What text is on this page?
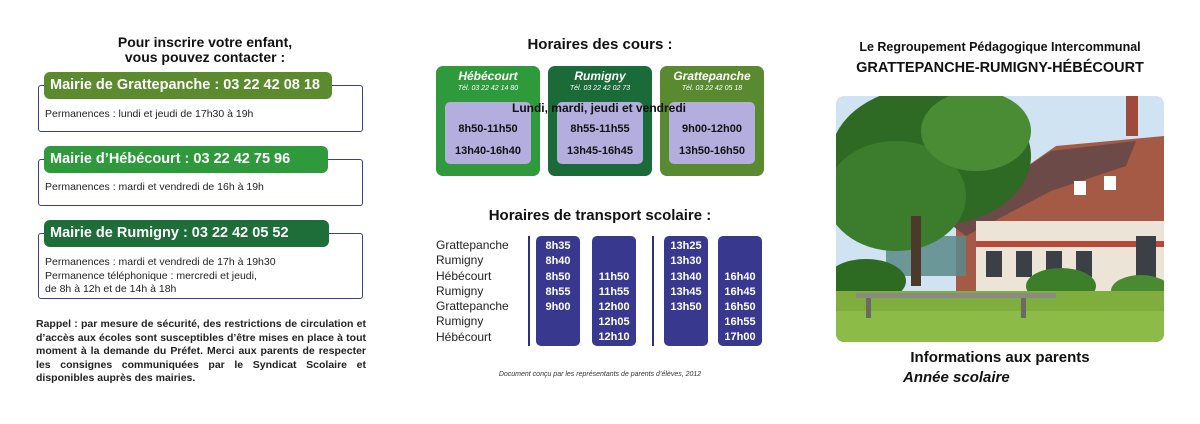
Pour inscrire votre enfant,
vous pouvez contacter :
Mairie de Grattepanche : 03 22 42 08 18
Permanences : lundi et jeudi de 17h30 à 19h
Mairie d’Hébécourt : 03 22 42 75 96
Permanences : mardi et vendredi de 16h à 19h
Mairie de Rumigny : 03 22 42 05 52
Permanences : mardi et vendredi de 17h à 19h30
Permanence téléphonique : mercredi et jeudi,
de 8h à 12h et de 14h à 18h
Rappel : par mesure de sécurité, des restrictions de circulation et d’accès aux écoles sont susceptibles d’être mises en place à tout moment à la demande du Préfet. Merci aux parents de respecter les consignes communiquées par le Syndicat Scolaire et disponibles auprès des mairies.
Horaires des cours :
Hébécourt
Tél. 03 22 42 14 80
Rumigny
Tél. 03 22 42 02 73
Grattepanche
Tél. 03 22 42 05 18
8h50-11h50
13h40-16h40
8h55-11h55
13h45-16h45
9h00-12h00
13h50-16h50
Lundi, mardi, jeudi et vendredi
Horaires de transport scolaire :
Grattepanche
Rumigny
Hébécourt
Rumigny
Grattepanche
Rumigny
Hébécourt
8h35
8h40
8h50
8h55
9h00
11h50
11h55
12h00
12h05
12h10
13h25
13h30
13h40
13h45
13h50
16h40
16h45
16h50
16h55
17h00
Document conçu par les représentants de parents d’élèves, 2012
Le Regroupement Pédagogique Intercommunal
GRATTEPANCHE-RUMIGNY-HÉBÉCOURT
Informations aux parents
Année scolaire
